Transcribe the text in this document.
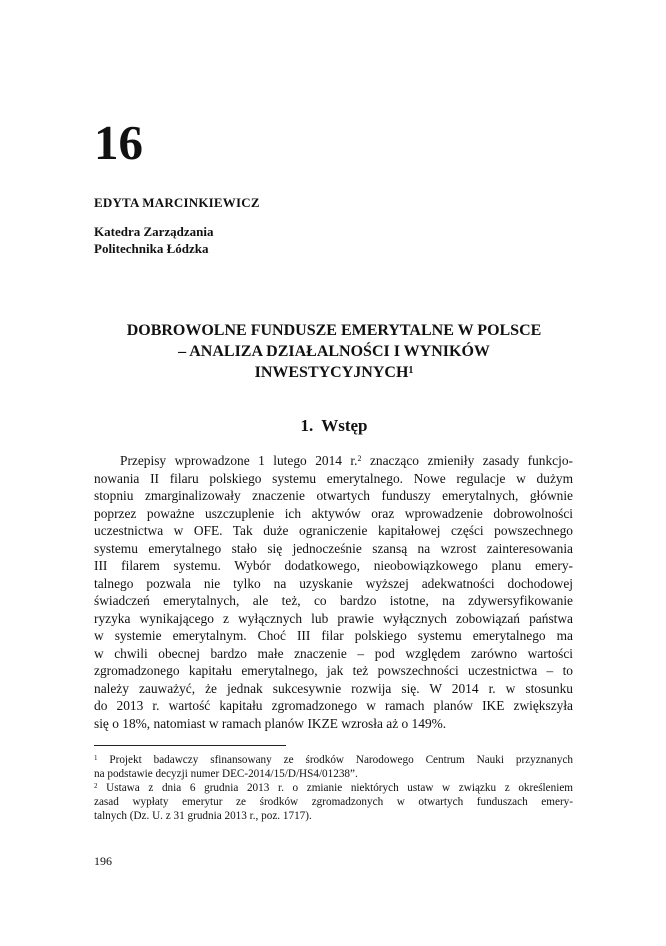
16

EDYTA MARCINKIEWICZ

Katedra Zarządzania
Politechnika Łódzka
DOBROWOLNE FUNDUSZE EMERYTALNE W POLSCE
– ANALIZA DZIAŁALNOŚCI I WYNIKÓW
INWESTYCYJNYCH$^1$
1. Wstęp
Przepisy wprowadzone 1 lutego 2014 r.$^2$ znacząco zmieniły zasady funkcjo-
nowania II filaru polskiego systemu emerytalnego. Nowe regulacje w dużym
stopniu zmarginalizowały znaczenie otwartych funduszy emerytalnych, głównie
poprzez poważne uszczuplenie ich aktywów oraz wprowadzenie dobrowolności
uczestnictwa w OFE. Tak duże ograniczenie kapitałowej części powszechnego
systemu emerytalnego stało się jednocześnie szansą na wzrost zainteresowania
III filarem systemu. Wybór dodatkowego, nieobowiązkowego planu emery-
talnego pozwala nie tylko na uzyskanie wyższej adekwatności dochodowej
świadczeń emerytalnych, ale też, co bardzo istotne, na zdywersyfikowanie
ryzyka wynikającego z wyłącznych lub prawie wyłącznych zobowiązań państwa
w systemie emerytalnym. Choć III filar polskiego systemu emerytalnego ma
w chwili obecnej bardzo małe znaczenie – pod względem zarówno wartości
zgromadzonego kapitału emerytalnego, jak też powszechności uczestnictwa – to
należy zauważyć, że jednak sukcesywnie rozwija się. W 2014 r. w stosunku
do 2013 r. wartość kapitału zgromadzonego w ramach planów IKE zwiększyła
się o 18%, natomiast w ramach planów IKZE wzrosła aż o 149%.
$^1$ Projekt badawczy sfinansowany ze środków Narodowego Centrum Nauki przyznanych
na podstawie decyzji numer DEC-2014/15/D/HS4/01238”.
$^2$ Ustawa z dnia 6 grudnia 2013 r. o zmianie niektórych ustaw w związku z określeniem
zasad wypłaty emerytur ze środków zgromadzonych w otwartych funduszach emery-
talnych (Dz. U. z 31 grudnia 2013 r., poz. 1717).

196
